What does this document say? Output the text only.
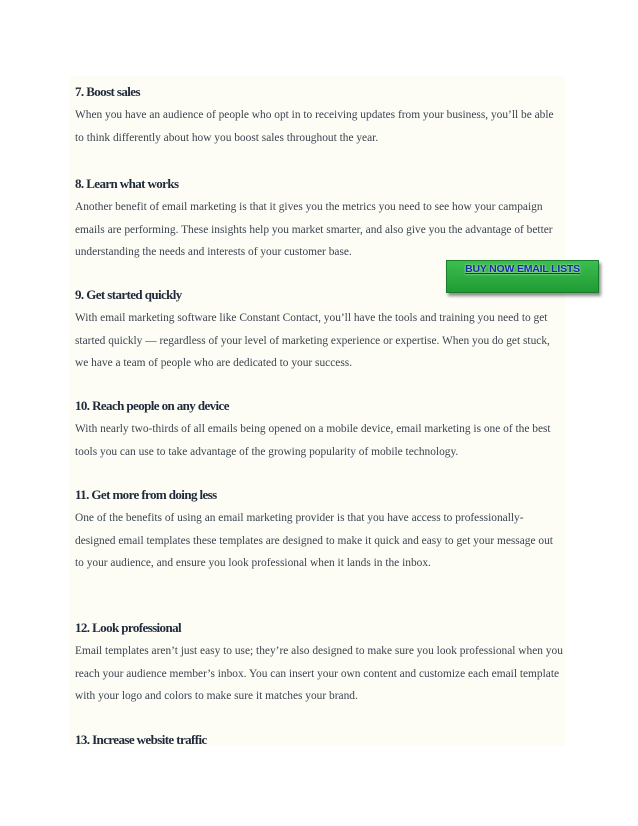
7. Boost sales

When you have an audience of people who opt in to receiving updates from your business, you’ll be able to think differently about how you boost sales throughout the year.

8. Learn what works

Another benefit of email marketing is that it gives you the metrics you need to see how your campaign emails are performing. These insights help you market smarter, and also give you the advantage of better understanding the needs and interests of your customer base.

9. Get started quickly

With email marketing software like Constant Contact, you’ll have the tools and training you need to get started quickly — regardless of your level of marketing experience or expertise. When you do get stuck, we have a team of people who are dedicated to your success.

10. Reach people on any device

With nearly two-thirds of all emails being opened on a mobile device, email marketing is one of the best tools you can use to take advantage of the growing popularity of mobile technology.

11. Get more from doing less

One of the benefits of using an email marketing provider is that you have access to professionally-designed email templates these templates are designed to make it quick and easy to get your message out to your audience, and ensure you look professional when it lands in the inbox.

12. Look professional

Email templates aren’t just easy to use; they’re also designed to make sure you look professional when you reach your audience member’s inbox. You can insert your own content and customize each email template with your logo and colors to make sure it matches your brand.

13. Increase website traffic

BUY NOW EMAIL LISTS
